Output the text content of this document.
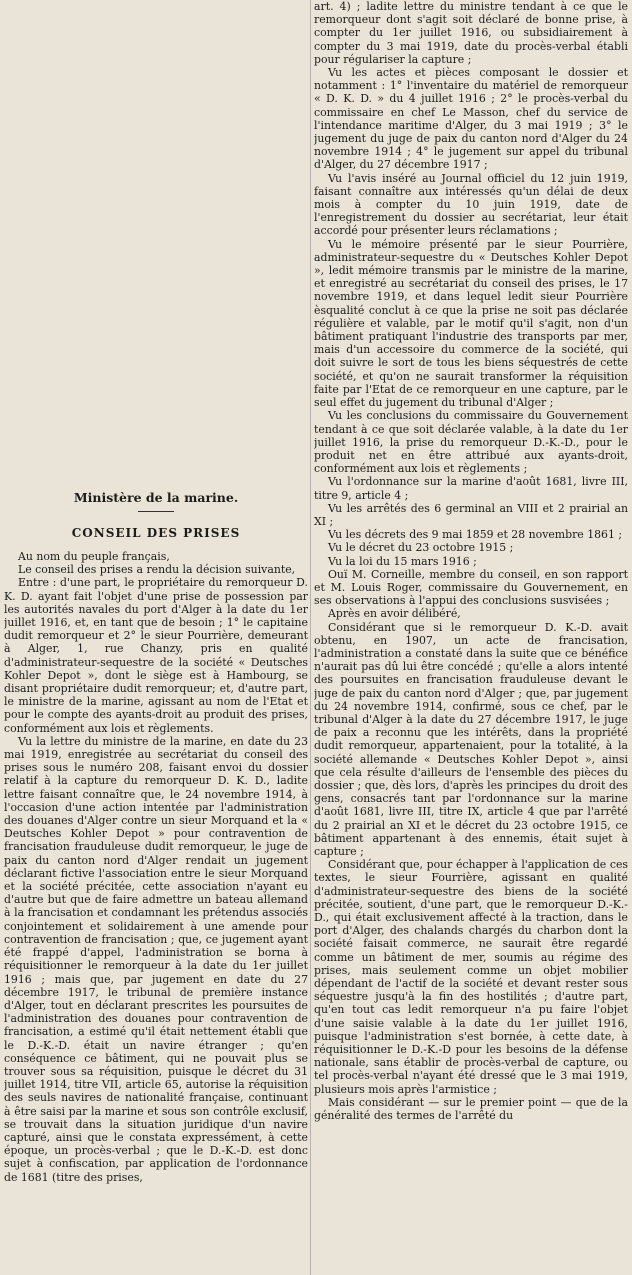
Ministère de la marine.
CONSEIL DES PRISES

Au nom du peuple français,

Le conseil des prises a rendu la décision suivante,

Entre : d'une part, le propriétaire du remorqueur D. K. D. ayant fait l'objet d'une prise de possession par les autorités navales du port d'Alger à la date du 1er juillet 1916, et, en tant que de besoin ; 1° le capitaine dudit remorqueur et 2° le sieur Pourrière, demeurant à Alger, 1, rue Chanzy, pris en qualité d'administrateur-sequestre de la société « Deutsches Kohler Depot », dont le siège est à Hambourg, se disant propriétaire dudit remorqueur; et, d'autre part, le ministre de la marine, agissant au nom de l'Etat et pour le compte des ayants-droit au produit des prises, conformément aux lois et règlements.

Vu la lettre du ministre de la marine, en date du 23 mai 1919, enregistrée au secrétariat du conseil des prises sous le numéro 208, faisant envoi du dossier relatif à la capture du remorqueur D. K. D., ladite lettre faisant connaître que, le 24 novembre 1914, à l'occasion d'une action intentée par l'administration des douanes d'Alger contre un sieur Morquand et la « Deutsches Kohler Depot » pour contravention de francisation frauduleuse dudit remorqueur, le juge de paix du canton nord d'Alger rendait un jugement déclarant fictive l'association entre le sieur Morquand et la société précitée, cette association n'ayant eu d'autre but que de faire admettre un bateau allemand à la francisation et condamnant les prétendus associés conjointement et solidairement à une amende pour contravention de francisation ; que, ce jugement ayant été frappé d'appel, l'administration se borna à réquisitionner le remorqueur à la date du 1er juillet 1916 ; mais que, par jugement en date du 27 décembre 1917, le tribunal de première instance d'Alger, tout en déclarant prescrites les poursuites de l'administration des douanes pour contravention de francisation, a estimé qu'il était nettement établi que le D.-K.-D. était un navire étranger ; qu'en conséquence ce bâtiment, qui ne pouvait plus se trouver sous sa réquisition, puisque le décret du 31 juillet 1914, titre VII, article 65, autorise la réquisition des seuls navires de nationalité française, continuant à être saisi par la marine et sous son contrôle exclusif, se trouvait dans la situation juridique d'un navire capturé, ainsi que le constata expressément, à cette époque, un procès-verbal ; que le D.-K.-D. est donc sujet à confiscation, par application de l'ordonnance de 1681 (titre des prises,

art. 4) ; ladite lettre du ministre tendant à ce que le remorqueur dont s'agit soit déclaré de bonne prise, à compter du 1er juillet 1916, ou subsidiairement à compter du 3 mai 1919, date du procès-verbal établi pour régulariser la capture ;

Vu les actes et pièces composant le dossier et notamment : 1° l'inventaire du matériel de remorqueur « D. K. D. » du 4 juillet 1916 ; 2° le procès-verbal du commissaire en chef Le Masson, chef du service de l'intendance maritime d'Alger, du 3 mai 1919 ; 3° le jugement du juge de paix du canton nord d'Alger du 24 novembre 1914 ; 4° le jugement sur appel du tribunal d'Alger, du 27 décembre 1917 ;

Vu l'avis inséré au Journal officiel du 12 juin 1919, faisant connaître aux intéressés qu'un délai de deux mois à compter du 10 juin 1919, date de l'enregistrement du dossier au secrétariat, leur était accordé pour présenter leurs réclamations ;

Vu le mémoire présenté par le sieur Pourrière, administrateur-sequestre du « Deutsches Kohler Depot », ledit mémoire transmis par le ministre de la marine, et enregistré au secrétariat du conseil des prises, le 17 novembre 1919, et dans lequel ledit sieur Pourrière èsqualité conclut à ce que la prise ne soit pas déclarée régulière et valable, par le motif qu'il s'agit, non d'un bâtiment pratiquant l'industrie des transports par mer, mais d'un accessoire du commerce de la société, qui doit suivre le sort de tous les biens séquestrés de cette société, et qu'on ne saurait transformer la réquisition faite par l'Etat de ce remorqueur en une capture, par le seul effet du jugement du tribunal d'Alger ;

Vu les conclusions du commissaire du Gouvernement tendant à ce que soit déclarée valable, à la date du 1er juillet 1916, la prise du remorqueur D.-K.-D., pour le produit net en être attribué aux ayants-droit, conformément aux lois et règlements ;

Vu l'ordonnance sur la marine d'août 1681, livre III, titre 9, article 4 ;

Vu les arrêtés des 6 germinal an VIII et 2 prairial an XI ;

Vu les décrets des 9 mai 1859 et 28 novembre 1861 ;

Vu le décret du 23 octobre 1915 ;

Vu la loi du 15 mars 1916 ;

Ouï M. Corneille, membre du conseil, en son rapport et M. Louis Roger, commissaire du Gouvernement, en ses observations à l'appui des conclusions susvisées ;

Après en avoir délibéré,

Considérant que si le remorqueur D. K.-D. avait obtenu, en 1907, un acte de francisation, l'administration a constaté dans la suite que ce bénéfice n'aurait pas dû lui être concédé ; qu'elle a alors intenté des poursuites en francisation frauduleuse devant le juge de paix du canton nord d'Alger ; que, par jugement du 24 novembre 1914, confirmé, sous ce chef, par le tribunal d'Alger à la date du 27 décembre 1917, le juge de paix a reconnu que les intérêts, dans la propriété dudit remorqueur, appartenaient, pour la totalité, à la société allemande « Deutsches Kohler Depot », ainsi que cela résulte d'ailleurs de l'ensemble des pièces du dossier ; que, dès lors, d'après les principes du droit des gens, consacrés tant par l'ordonnance sur la marine d'août 1681, livre III, titre IX, article 4 que par l'arrêté du 2 prairial an XI et le décret du 23 octobre 1915, ce bâtiment appartenant à des ennemis, était sujet à capture ;

Considérant que, pour échapper à l'application de ces textes, le sieur Fourrière, agissant en qualité d'administrateur-sequestre des biens de la société précitée, soutient, d'une part, que le remorqueur D.-K.-D., qui était exclusivement affecté à la traction, dans le port d'Alger, des chalands chargés du charbon dont la société faisait commerce, ne saurait être regardé comme un bâtiment de mer, soumis au régime des prises, mais seulement comme un objet mobilier dépendant de l'actif de la société et devant rester sous séquestre jusqu'à la fin des hostilités ; d'autre part, qu'en tout cas ledit remorqueur n'a pu faire l'objet d'une saisie valable à la date du 1er juillet 1916, puisque l'administration s'est bornée, à cette date, à réquisitionner le D.-K.-D pour les besoins de la défense nationale, sans établir de procès-verbal de capture, ou tel procès-verbal n'ayant été dressé que le 3 mai 1919, plusieurs mois après l'armistice ;

Mais considérant — sur le premier point — que de la généralité des termes de l'arrêté du
